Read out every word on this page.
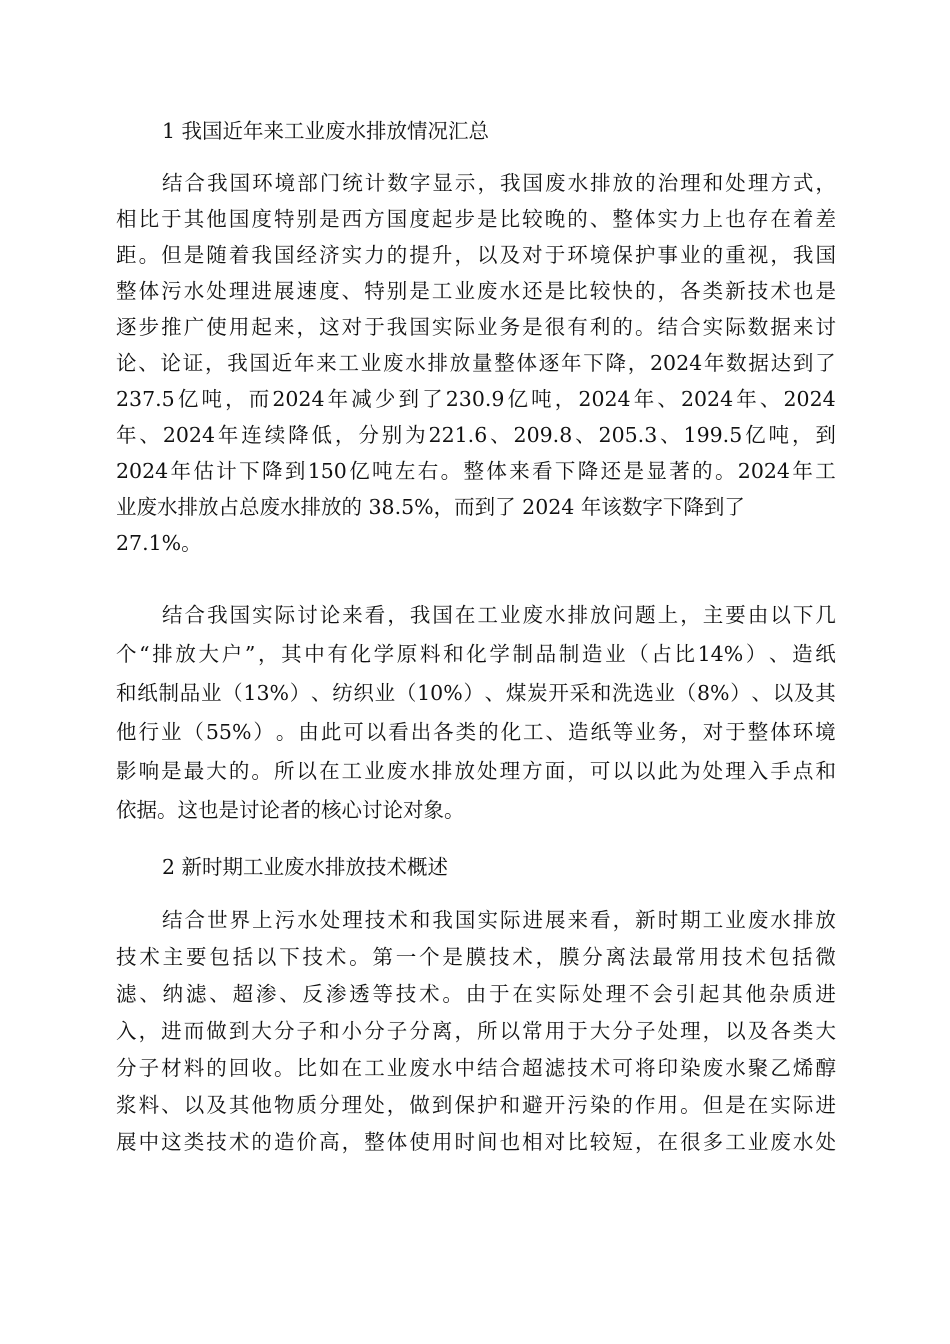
1 我国近年来工业废水排放情况汇总

结 合 我 国 环 境 部 门 统 计 数 字 显 示 ， 我 国 废 水 排 放 的 治 理 和 处 理 方 式 ，

相 比 于 其 他 国 度 特 别 是 西 方 国 度 起 步 是 比 较 晚 的 、 整 体 实 力 上 也 存 在 着 差

距 。 但 是 随 着 我 国 经 济 实 力 的 提 升 ， 以 及 对 于 环 境 保 护 事 业 的 重 视 ， 我 国

整 体 污 水 处 理 进 展 速 度 、 特 别 是 工 业 废 水 还 是 比 较 快 的 ， 各 类 新 技 术 也 是

逐 步 推 广 使 用 起 来 ， 这 对 于 我 国 实 际 业 务 是 很 有 利 的 。 结 合 实 际 数 据 来 讨

论 、 论 证 ， 我 国 近 年 来 工 业 废 水 排 放 量 整 体 逐 年 下 降 ， 2024 年 数 据 达 到 了

237.5 亿 吨 ， 而 2024 年 减 少 到 了 230.9 亿 吨 ， 2024 年 、 2024 年 、 2024

年 、 2024 年 连 续 降 低 ， 分 别 为 221.6 、 209.8 、 205.3 、 199.5 亿 吨 ， 到

2024 年 估 计 下 降 到 150 亿 吨 左 右 。 整 体 来 看 下 降 还 是 显 著 的 。 2024 年 工

业废水排放占总废水排放的 38.5%，而到了 2024 年该数字下降到了

27.1%。

结 合 我 国 实 际 讨 论 来 看 ， 我 国 在 工 业 废 水 排 放 问 题 上 ， 主 要 由 以 下 几

个 “ 排 放 大 户 ” ， 其 中 有 化 学 原 料 和 化 学 制 品 制 造 业 （ 占 比 14% ） 、 造 纸

和 纸 制 品 业 （ 13% ） 、 纺 织 业 （ 10% ） 、 煤 炭 开 采 和 洗 选 业 （ 8% ） 、 以 及 其

他 行 业 （ 55% ） 。 由 此 可 以 看 出 各 类 的 化 工 、 造 纸 等 业 务 ， 对 于 整 体 环 境

影 响 是 最 大 的 。 所 以 在 工 业 废 水 排 放 处 理 方 面 ， 可 以 以 此 为 处 理 入 手 点 和

依据。这也是讨论者的核心讨论对象。

2 新时期工业废水排放技术概述

结 合 世 界 上 污 水 处 理 技 术 和 我 国 实 际 进 展 来 看 ， 新 时 期 工 业 废 水 排 放

技 术 主 要 包 括 以 下 技 术 。 第 一 个 是 膜 技 术 ， 膜 分 离 法 最 常 用 技 术 包 括 微

滤 、 纳 滤 、 超 渗 、 反 渗 透 等 技 术 。 由 于 在 实 际 处 理 不 会 引 起 其 他 杂 质 进

入 ， 进 而 做 到 大 分 子 和 小 分 子 分 离 ， 所 以 常 用 于 大 分 子 处 理 ， 以 及 各 类 大

分 子 材 料 的 回 收 。 比 如 在 工 业 废 水 中 结 合 超 滤 技 术 可 将 印 染 废 水 聚 乙 烯 醇

浆 料 、 以 及 其 他 物 质 分 理 处 ， 做 到 保 护 和 避 开 污 染 的 作 用 。 但 是 在 实 际 进

展 中 这 类 技 术 的 造 价 高 ， 整 体 使 用 时 间 也 相 对 比 较 短 ， 在 很 多 工 业 废 水 处
